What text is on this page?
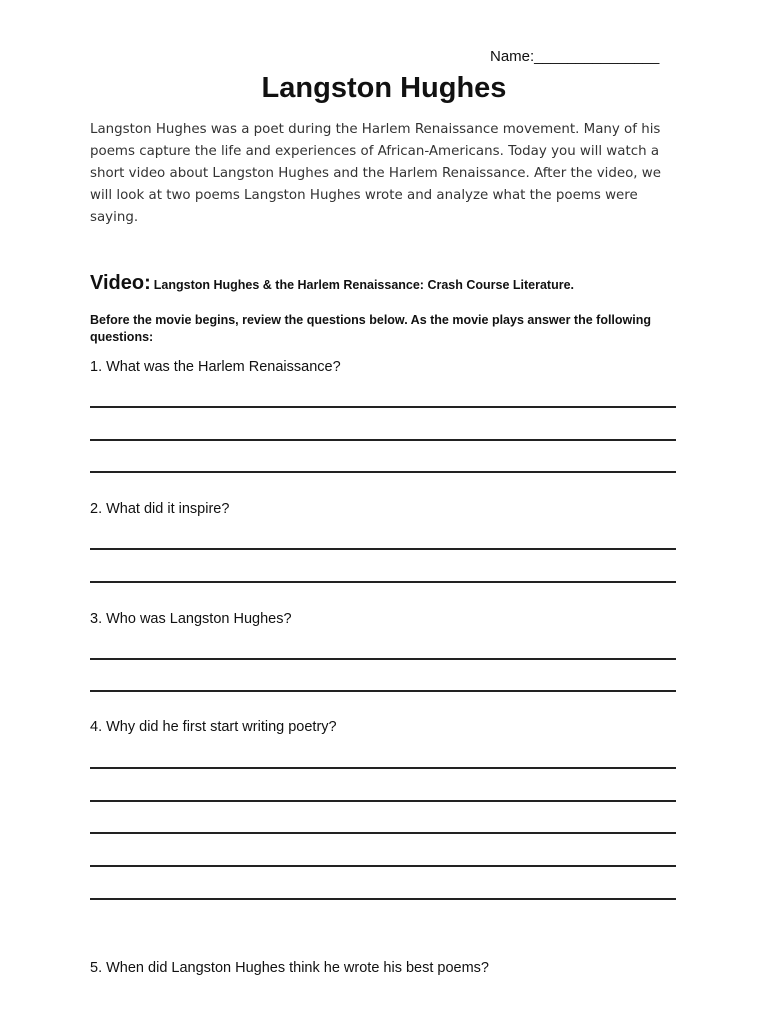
Name:_______________
Langston Hughes
Langston Hughes was a poet during the Harlem Renaissance movement. Many of his poems capture the life and experiences of African-Americans. Today you will watch a short video about Langston Hughes and the Harlem Renaissance. After the video, we will look at two poems Langston Hughes wrote and analyze what the poems were saying.
Video: Langston Hughes & the Harlem Renaissance: Crash Course Literature.
Before the movie begins, review the questions below. As the movie plays answer the following questions:
1. What was the Harlem Renaissance?
2. What did it inspire?
3. Who was Langston Hughes?
4. Why did he first start writing poetry?
5. When did Langston Hughes think he wrote his best poems?
